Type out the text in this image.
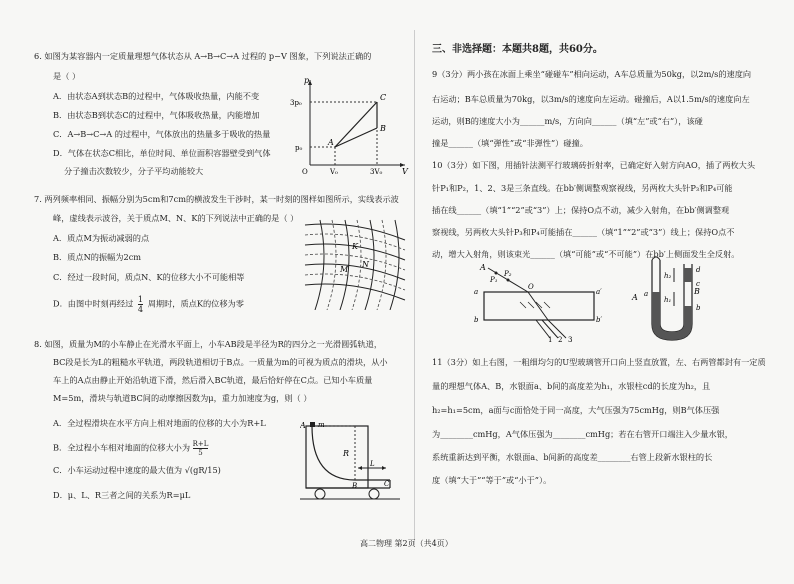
6. 如图为某容器内一定质量理想气体状态从 A→B→C→A 过程的 p−V 图象，下列说法正确的
是（ ）
A．由状态A到状态B的过程中，气体吸收热量，内能不变
B．由状态B到状态C的过程中，气体吸收热量，内能增加
C．A→B→C→A 的过程中，气体放出的热量多于吸收的热量
D．气体在状态C相比，单位时间、单位面积容器壁受到气体
分子撞击次数较少，分子平均动能较大
p
V
3p₀
p₀
O	V₀	3V₀
A
B
C
7. 两列频率相同、振幅分别为5cm和7cm的横波发生干涉时，某一时刻的图样如图所示，实线表示波
峰，虚线表示波谷，关于质点M、N、K的下列说法中正确的是（ ）
A．质点M为振动减弱的点
B．质点N的振幅为2cm
C．经过一段时间，质点N、K的位移大小不可能相等
D．由图中时刻再经过 $\frac{1}{4}$ 周期时，质点K的位移为零
K
N
M
8. 如图，质量为M的小车静止在光滑水平面上，小车AB段是半径为R的四分之一光滑圆弧轨道，
BC段是长为L的粗糙水平轨道，两段轨道相切于B点。一质量为m的可视为质点的滑块，从小
车上的A点由静止开始沿轨道下滑，然后滑入BC轨道，最后恰好停在C点。已知小车质量
M=5m，滑块与轨道BC间的动摩擦因数为μ，重力加速度为g，则（ ）
A．全过程滑块在水平方向上相对地面的位移的大小为R+L
B．全过程小车相对地面的位移大小为 $\frac{R+L}{5}$
C．小车运动过程中速度的最大值为 √(gR/15)
D．μ、L、R三者之间的关系为R=μL
A m
R
B
L
C
三、非选择题：本题共8题，共60分。
9（3分）两小孩在冰面上乘坐“碰碰车”相向运动，A车总质量为50kg，以2m/s的速度向
右运动；B车总质量为70kg，以3m/s的速度向左运动。碰撞后，A以1.5m/s的速度向左
运动，则B的速度大小为______m/s，方向向______（填“左”或“右”），该碰
撞是______（填“弹性”或“非弹性”）碰撞。
10（3分）如下图，用插针法测平行玻璃砖折射率，已确定好入射方向AO，插了两枚大头
针P₁和P₂，1、2、3是三条直线。在bb′侧调整观察视线，另两枚大头针P₃和P₄可能
插在线______（填“1”“2”或“3”）上；保持O点不动，减少入射角，在bb′侧调整观
察视线，另两枚大头针P₃和P₄可能插在______（填“1”“2”或“3”）线上；保持O点不
动，增大入射角，则该束光______（填“可能”或“不可能”）在bb′上侧面发生全反射。
A
P₁
P₂
O
a	a′
b	b′
1 2 3
A
B
a
b
c
d
h₁
h₂
11（3分）如上右图，一粗细均匀的U型玻璃管开口向上竖直放置，左、右两管都封有一定质
量的理想气体A、B，水银面a、b间的高度差为h₁，水银柱cd的长度为h₂，且
h₂=h₁=5cm，a面与c面恰处于同一高度，大气压强为75cmHg，则B气体压强
为________cmHg，A气体压强为________cmHg；若在右管开口端注入少量水银，
系统重新达到平衡，水银面a、b间新的高度差________右管上段新水银柱的长
度（填“大于”“等于”或“小于”）。
高二物理 第2页（共4页）
